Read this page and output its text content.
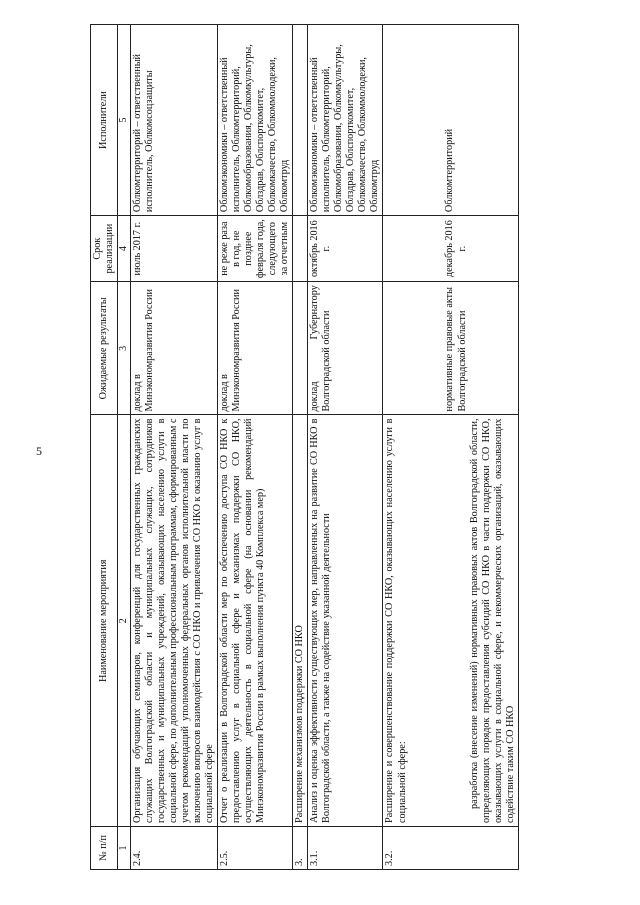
5
№ п/п	Наименование мероприятия	Ожидаемые результаты	Срок реализации	Исполнители
1	2	3	4	5
2.4.	Организация обучающих семинаров, конференций для государственных гражданских служащих Волгоградской области и муниципальных служащих, сотрудников государственных и муниципальных учреждений, оказывающих населению услуги в социальной сфере, по дополнительным профессиональным программам, сформированным с учетом рекомендаций уполномоченных федеральных органов исполнительной власти по включению вопросов взаимодействия с СО НКО и привлечения СО НКО к оказанию услуг в социальной сфере	доклад в Минэкономразвития России	июль 2017 г.	Облкомтерриторий – ответственный исполнитель, Облкомсоцзащиты
2.5.	Отчет о реализации в Волгоградской области мер по обеспечению доступа СО НКО к предоставлению услуг в социальной сфере и механизмах поддержки СО НКО, осуществляющих деятельность в социальной сфере (на основании рекомендаций Минэкономразвития России в рамках выполнения пункта 40 Комплекса мер)	доклад в Минэкономразвития России	не реже раза в год, не позднее февраля года, следующего за отчетным	Облкомэкономики – ответственный исполнитель, Облкомтерриторий, Облкомобразования, Облкомкультуры, Облздрав, Облспорткомитет, Облкомкачество, Облкоммолодежи, Облкомтруд
3.	Расширение механизмов поддержки СО НКО			
3.1.	Анализ и оценка эффективности существующих мер, направленных на развитие СО НКО в Волгоградской области, а также на содействие указанной деятельности	доклад Губернатору Волгоградской области	октябрь 2016 г.	Облкомэкономики – ответственный исполнитель, Облкомтерриторий, Облкомобразования, Облкомкультуры, Облздрав, Облспорткомитет, Облкомкачество, Облкоммолодежи, Облкомтруд
3.2.	Расширение и совершенствование поддержки СО НКО, оказывающих населению услуги в социальной сфере: разработка (внесение изменений) нормативных правовых актов Волгоградской области, определяющих порядок предоставления субсидий СО НКО в части поддержки СО НКО, оказывающих услуги в социальной сфере, и некоммерческих организаций, оказывающих содействие таким СО НКО	нормативные правовые акты Волгоградской области	декабрь 2016 г.	Облкомтерриторий
